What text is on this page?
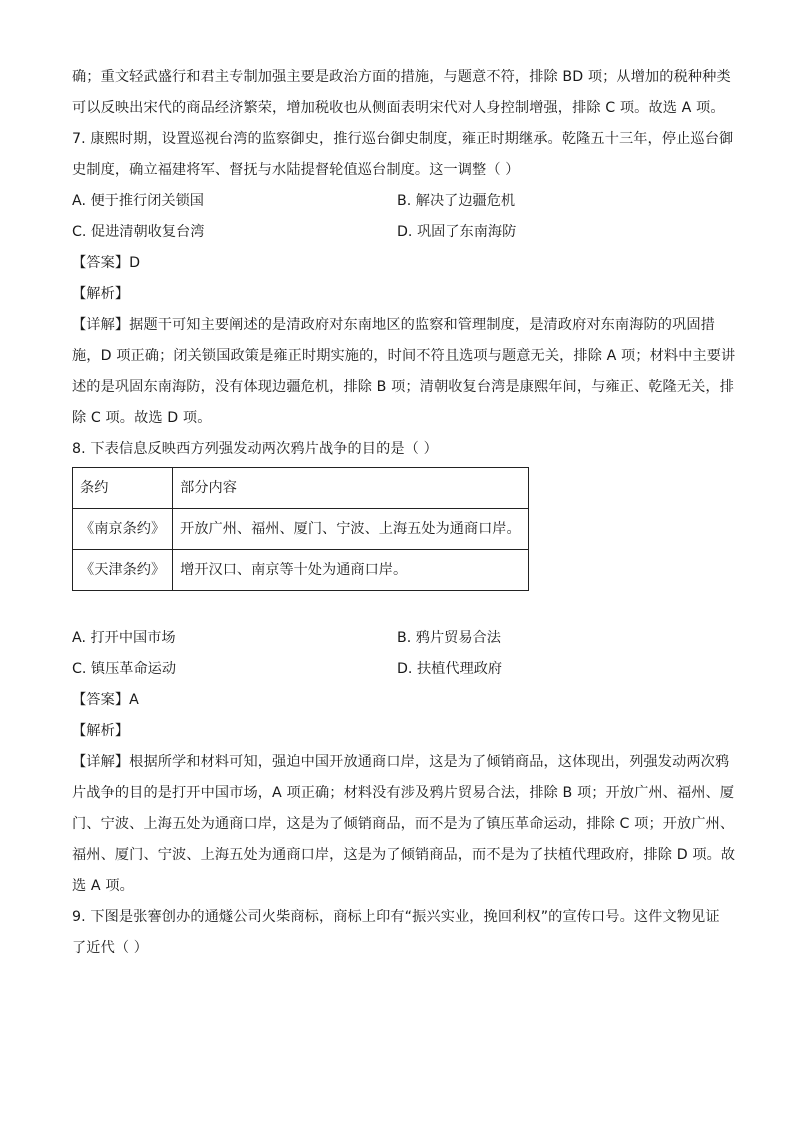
确；重文轻武盛行和君主专制加强主要是政治方面的措施，与题意不符，排除 BD 项；从增加的税种种类
可以反映出宋代的商品经济繁荣，增加税收也从侧面表明宋代对人身控制增强，排除 C 项。故选 A 项。
7. 康熙时期，设置巡视台湾的监察御史，推行巡台御史制度，雍正时期继承。乾隆五十三年，停止巡台御
史制度，确立福建将军、督抚与水陆提督轮值巡台制度。这一调整（ ）
A. 便于推行闭关锁国	B. 解决了边疆危机
C. 促进清朝收复台湾	D. 巩固了东南海防
【答案】D
【解析】
【详解】据题干可知主要阐述的是清政府对东南地区的监察和管理制度，是清政府对东南海防的巩固措
施，D 项正确；闭关锁国政策是雍正时期实施的，时间不符且选项与题意无关，排除 A 项；材料中主要讲
述的是巩固东南海防，没有体现边疆危机，排除 B 项；清朝收复台湾是康熙年间，与雍正、乾隆无关，排
除 C 项。故选 D 项。
8. 下表信息反映西方列强发动两次鸦片战争的目的是（ ）
条约	部分内容
《南京条约》	开放广州、福州、厦门、宁波、上海五处为通商口岸。
《天津条约》	增开汉口、南京等十处为通商口岸。
A. 打开中国市场	B. 鸦片贸易合法
C. 镇压革命运动	D. 扶植代理政府
【答案】A
【解析】
【详解】根据所学和材料可知，强迫中国开放通商口岸，这是为了倾销商品，这体现出，列强发动两次鸦
片战争的目的是打开中国市场，A 项正确；材料没有涉及鸦片贸易合法，排除 B 项；开放广州、福州、厦
门、宁波、上海五处为通商口岸，这是为了倾销商品，而不是为了镇压革命运动，排除 C 项；开放广州、
福州、厦门、宁波、上海五处为通商口岸，这是为了倾销商品，而不是为了扶植代理政府，排除 D 项。故
选 A 项。
9. 下图是张謇创办的通燧公司火柴商标，商标上印有“振兴实业，挽回利权”的宣传口号。这件文物见证
了近代（ ）
